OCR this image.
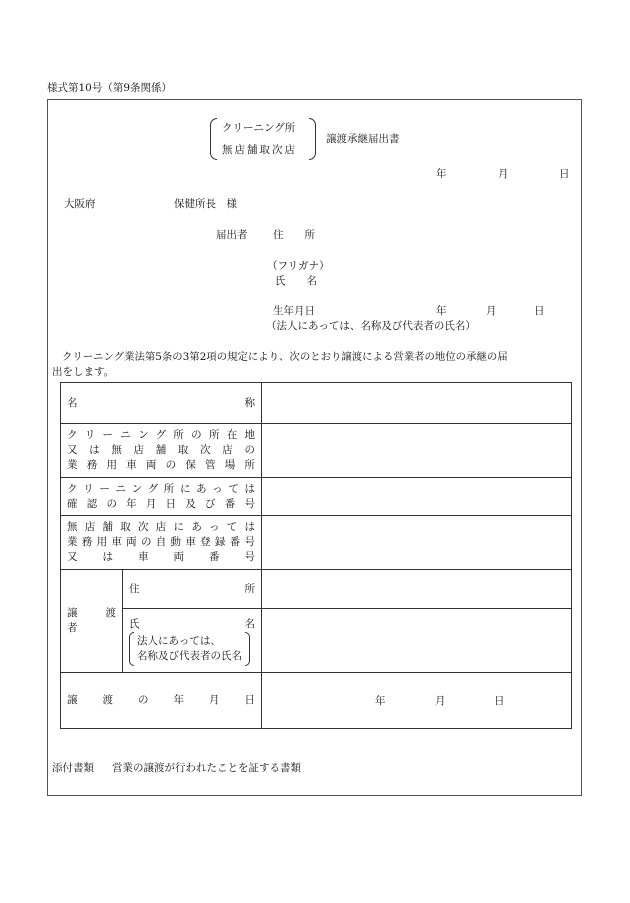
様式第10号（第9条関係）
クリーニング所
無店舗取次店
譲渡承継届出書
年	月	日
大阪府	保健所長　様
届出者 住　　所
（フリガナ）
氏　　名
生年月日	年	月	日
（法人にあっては、名称及び代表者の氏名）
クリーニング業法第5条の3第2項の規定により、次のとおり譲渡による営業者の地位の承継の届
出をします。
名　　　　　　　　　　　　　称		

クリーニング所の所在地
又は無店舗取次店の
業務用車両の保管場所		

クリーニング所にあっては
確認の年月日及び番号		

無店舗取次店にあっては
業務用車両の自動車登録番号
又　　は　　車　　両　　番　　号		

譲　渡　者	住　　　　　　　　　所	

	氏　　　　　　　　　名
法人にあっては、
名称及び代表者の氏名	

譲　　渡　　の　　年　　月　　日		年 月 日
添付書類 営業の譲渡が行われたことを証する書類
